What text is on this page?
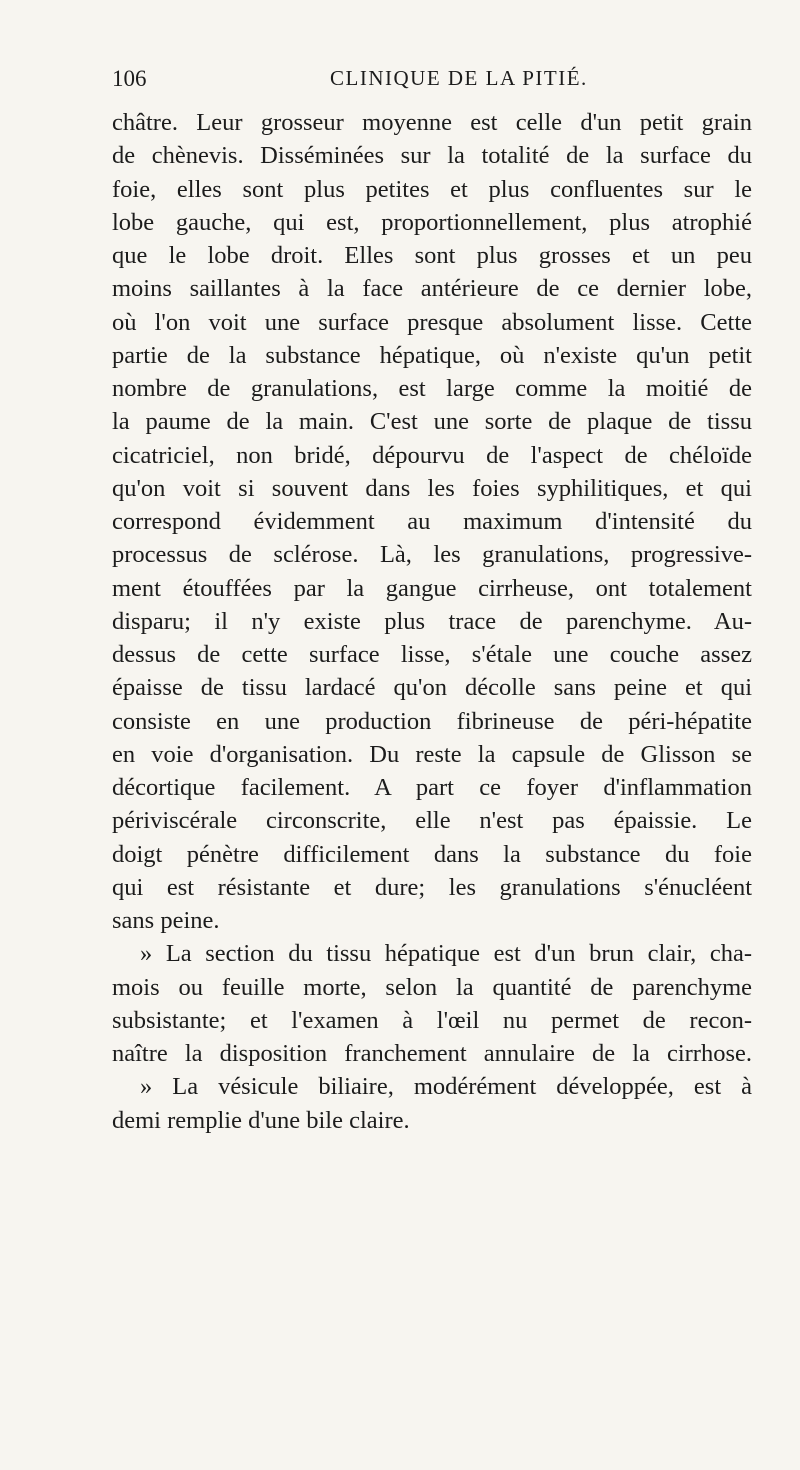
106	CLINIQUE DE LA PITIÉ.
châtre. Leur grosseur moyenne est celle d'un petit grain
de chènevis. Disséminées sur la totalité de la surface du
foie, elles sont plus petites et plus confluentes sur le
lobe gauche, qui est, proportionnellement, plus atrophié
que le lobe droit. Elles sont plus grosses et un peu
moins saillantes à la face antérieure de ce dernier lobe,
où l'on voit une surface presque absolument lisse. Cette
partie de la substance hépatique, où n'existe qu'un petit
nombre de granulations, est large comme la moitié de
la paume de la main. C'est une sorte de plaque de tissu
cicatriciel, non bridé, dépourvu de l'aspect de chéloïde
qu'on voit si souvent dans les foies syphilitiques, et qui
correspond évidemment au maximum d'intensité du
processus de sclérose. Là, les granulations, progressive-
ment étouffées par la gangue cirrheuse, ont totalement
disparu; il n'y existe plus trace de parenchyme. Au-
dessus de cette surface lisse, s'étale une couche assez
épaisse de tissu lardacé qu'on décolle sans peine et qui
consiste en une production fibrineuse de péri-hépatite
en voie d'organisation. Du reste la capsule de Glisson se
décortique facilement. A part ce foyer d'inflammation
périviscérale circonscrite, elle n'est pas épaissie. Le
doigt pénètre difficilement dans la substance du foie
qui est résistante et dure; les granulations s'énucléent
sans peine.
» La section du tissu hépatique est d'un brun clair, cha-
mois ou feuille morte, selon la quantité de parenchyme
subsistante; et l'examen à l'œil nu permet de recon-
naître la disposition franchement annulaire de la cirrhose.
» La vésicule biliaire, modérément développée, est à
demi remplie d'une bile claire.
